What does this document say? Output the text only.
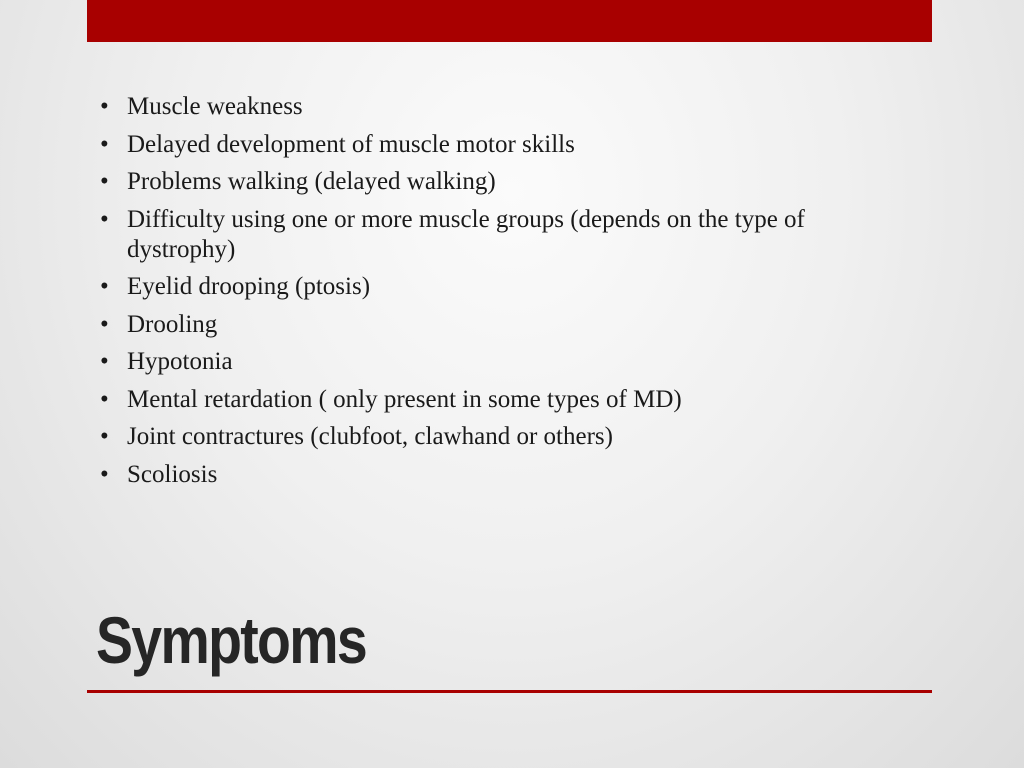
• Muscle weakness
• Delayed development of muscle motor skills
• Problems walking (delayed walking)
• Difficulty using one or more muscle groups (depends on the type of dystrophy)
• Eyelid drooping (ptosis)
• Drooling
• Hypotonia
• Mental retardation ( only present in some types of MD)
• Joint contractures (clubfoot, clawhand or others)
• Scoliosis
Symptoms
